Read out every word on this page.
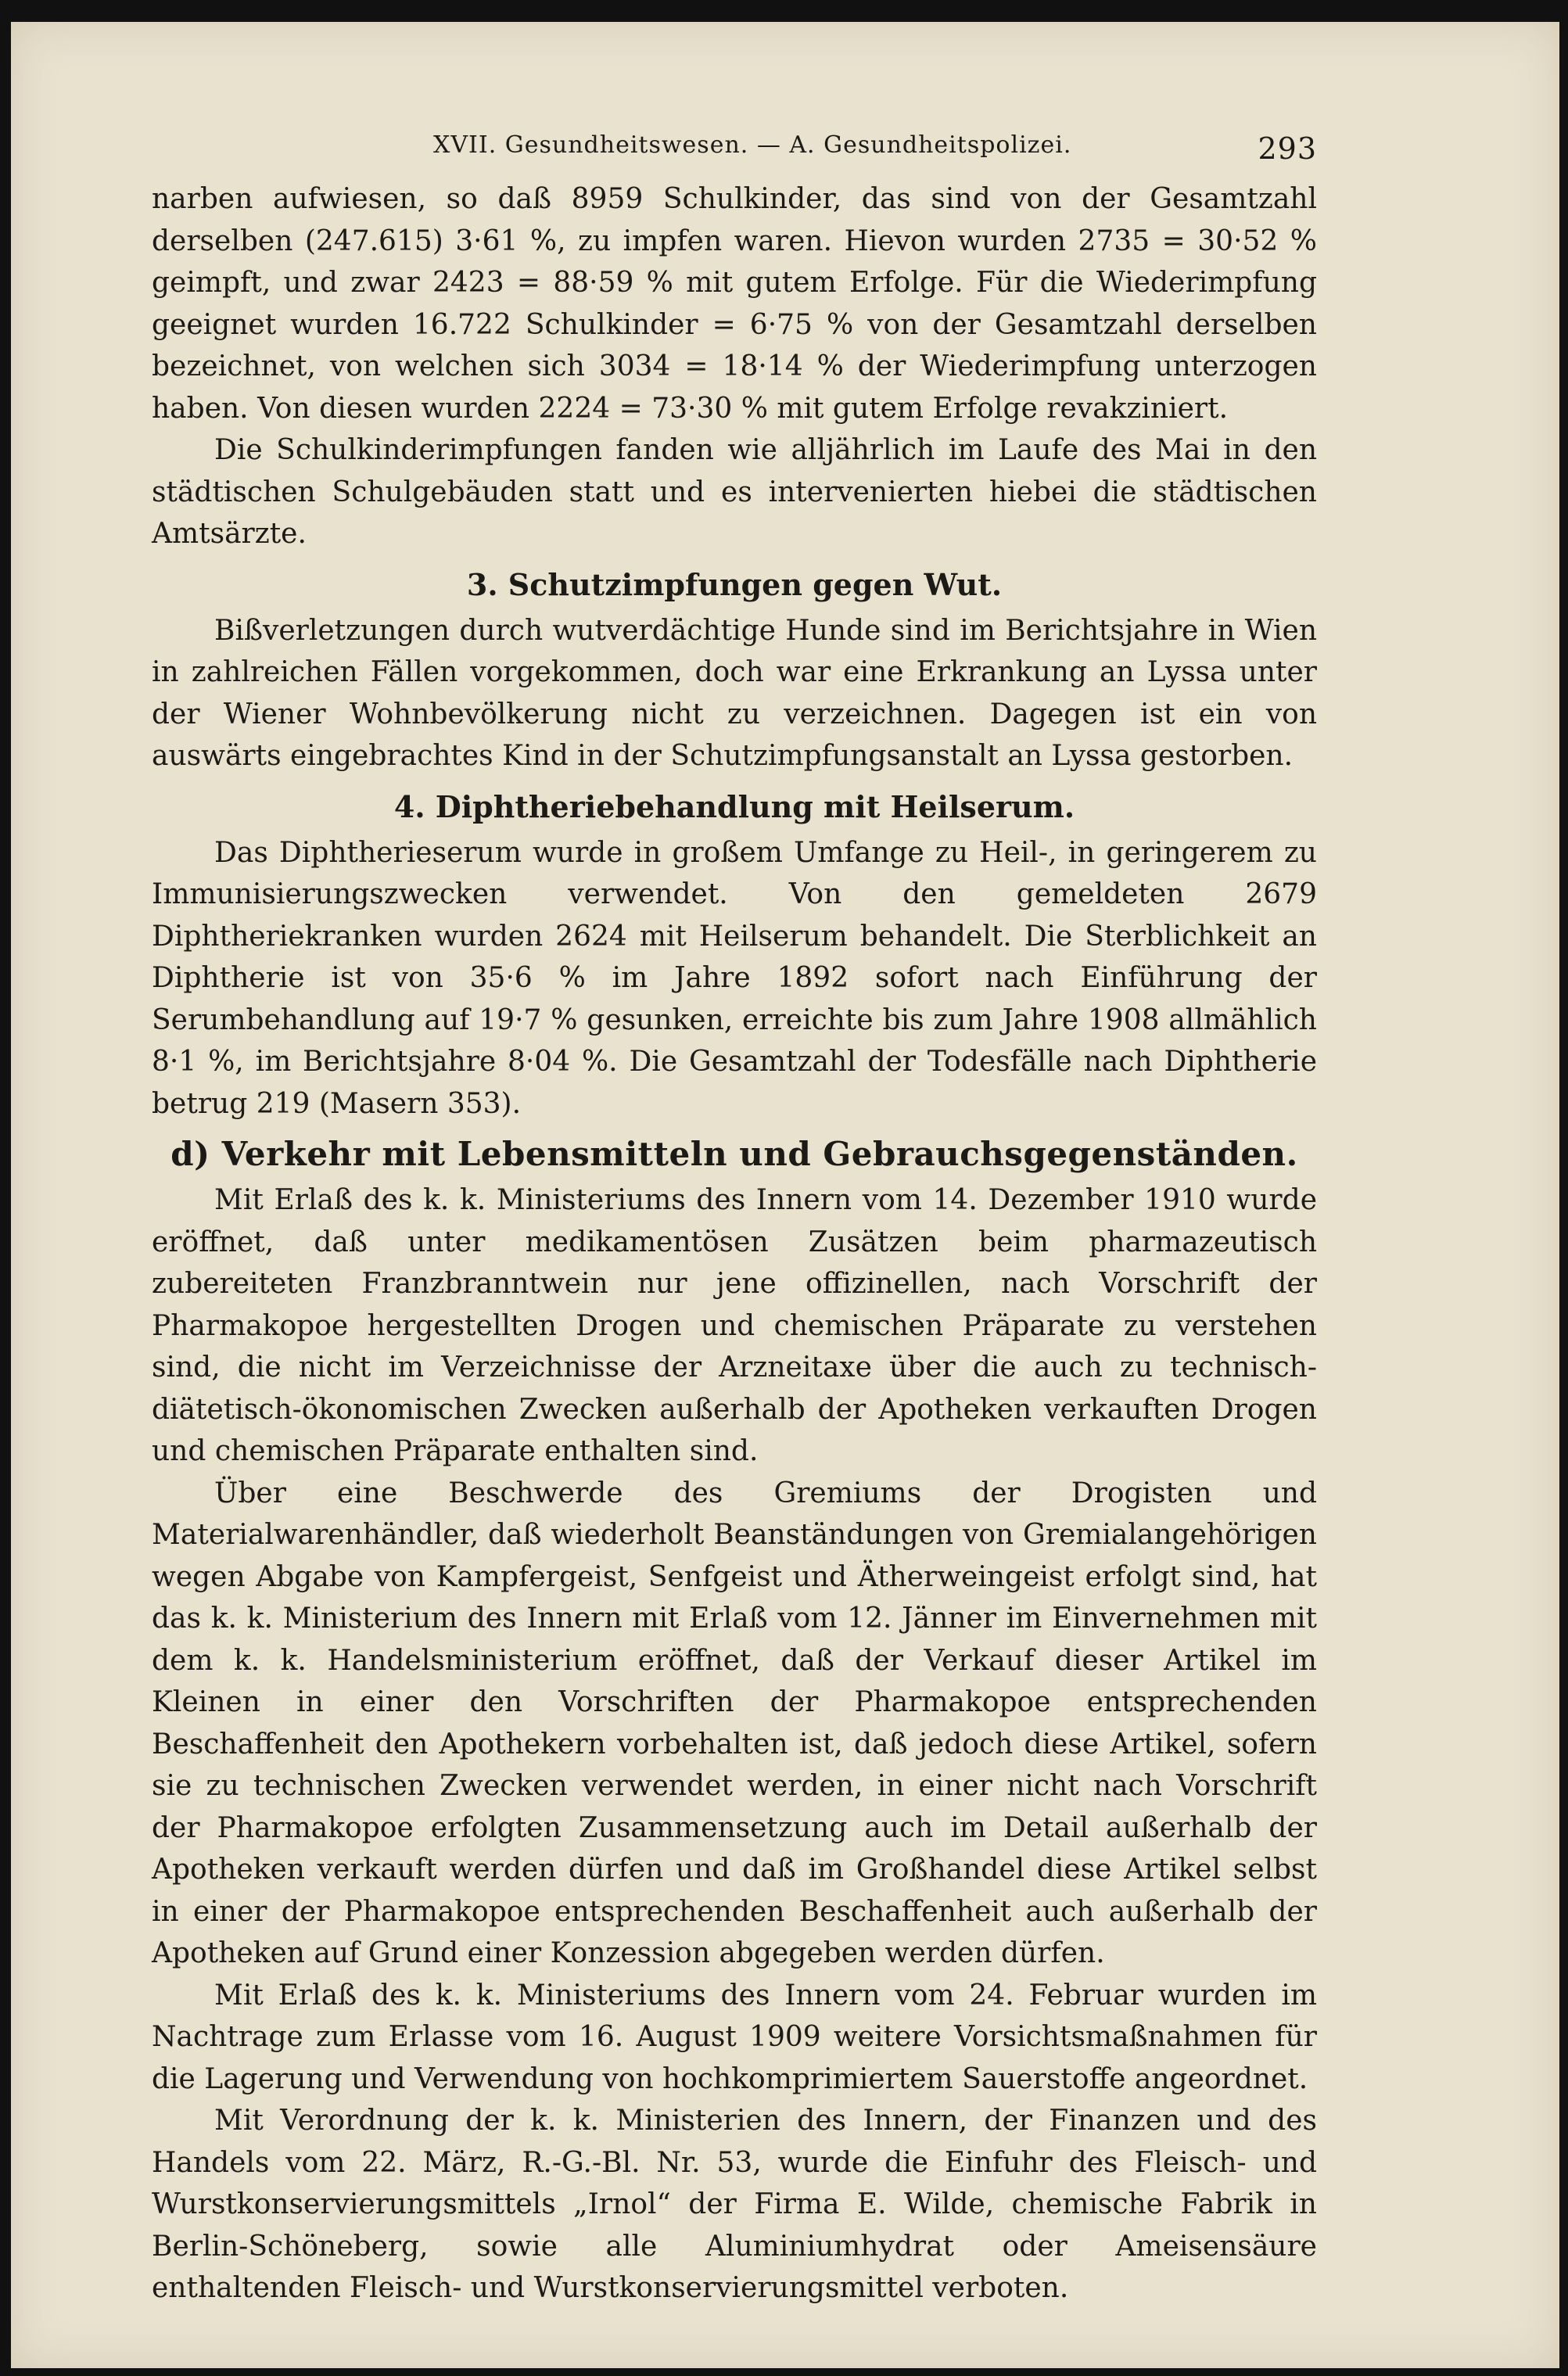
XVII. Gesundheitswesen. — A. Gesundheitspolizei.	293

narben aufwiesen, so daß 8959 Schulkinder, das sind von der Gesamtzahl derselben (247.615) 3·61 %, zu impfen waren. Hievon wurden 2735 = 30·52 % geimpft, und zwar 2423 = 88·59 % mit gutem Erfolge. Für die Wiederimpfung geeignet wurden 16.722 Schulkinder = 6·75 % von der Gesamtzahl derselben bezeichnet, von welchen sich 3034 = 18·14 % der Wiederimpfung unterzogen haben. Von diesen wurden 2224 = 73·30 % mit gutem Erfolge revakziniert.

Die Schulkinderimpfungen fanden wie alljährlich im Laufe des Mai in den städtischen Schulgebäuden statt und es intervenierten hiebei die städtischen Amtsärzte.

3. Schutzimpfungen gegen Wut.

Bißverletzungen durch wutverdächtige Hunde sind im Berichtsjahre in Wien in zahlreichen Fällen vorgekommen, doch war eine Erkrankung an Lyssa unter der Wiener Wohnbevölkerung nicht zu verzeichnen. Dagegen ist ein von auswärts eingebrachtes Kind in der Schutzimpfungsanstalt an Lyssa gestorben.

4. Diphtheriebehandlung mit Heilserum.

Das Diphtherieserum wurde in großem Umfange zu Heil-, in geringerem zu Immunisierungszwecken verwendet. Von den gemeldeten 2679 Diphtheriekranken wurden 2624 mit Heilserum behandelt. Die Sterblichkeit an Diphtherie ist von 35·6 % im Jahre 1892 sofort nach Einführung der Serumbehandlung auf 19·7 % gesunken, erreichte bis zum Jahre 1908 allmählich 8·1 %, im Berichtsjahre 8·04 %. Die Gesamtzahl der Todesfälle nach Diphtherie betrug 219 (Masern 353).

d) Verkehr mit Lebensmitteln und Gebrauchsgegenständen.

Mit Erlaß des k. k. Ministeriums des Innern vom 14. Dezember 1910 wurde eröffnet, daß unter medikamentösen Zusätzen beim pharmazeutisch zubereiteten Franzbranntwein nur jene offizinellen, nach Vorschrift der Pharmakopoe hergestellten Drogen und chemischen Präparate zu verstehen sind, die nicht im Verzeichnisse der Arzneitaxe über die auch zu technisch-diätetisch-ökonomischen Zwecken außerhalb der Apotheken verkauften Drogen und chemischen Präparate enthalten sind.

Über eine Beschwerde des Gremiums der Drogisten und Materialwarenhändler, daß wiederholt Beanständungen von Gremialangehörigen wegen Abgabe von Kampfergeist, Senfgeist und Ätherweingeist erfolgt sind, hat das k. k. Ministerium des Innern mit Erlaß vom 12. Jänner im Einvernehmen mit dem k. k. Handelsministerium eröffnet, daß der Verkauf dieser Artikel im Kleinen in einer den Vorschriften der Pharmakopoe entsprechenden Beschaffenheit den Apothekern vorbehalten ist, daß jedoch diese Artikel, sofern sie zu technischen Zwecken verwendet werden, in einer nicht nach Vorschrift der Pharmakopoe erfolgten Zusammensetzung auch im Detail außerhalb der Apotheken verkauft werden dürfen und daß im Großhandel diese Artikel selbst in einer der Pharmakopoe entsprechenden Beschaffenheit auch außerhalb der Apotheken auf Grund einer Konzession abgegeben werden dürfen.

Mit Erlaß des k. k. Ministeriums des Innern vom 24. Februar wurden im Nachtrage zum Erlasse vom 16. August 1909 weitere Vorsichtsmaßnahmen für die Lagerung und Verwendung von hochkomprimiertem Sauerstoffe angeordnet.

Mit Verordnung der k. k. Ministerien des Innern, der Finanzen und des Handels vom 22. März, R.-G.-Bl. Nr. 53, wurde die Einfuhr des Fleisch- und Wurstkonservierungsmittels „Irnol“ der Firma E. Wilde, chemische Fabrik in Berlin-Schöneberg, sowie alle Aluminiumhydrat oder Ameisensäure enthaltenden Fleisch- und Wurstkonservierungsmittel verboten.
